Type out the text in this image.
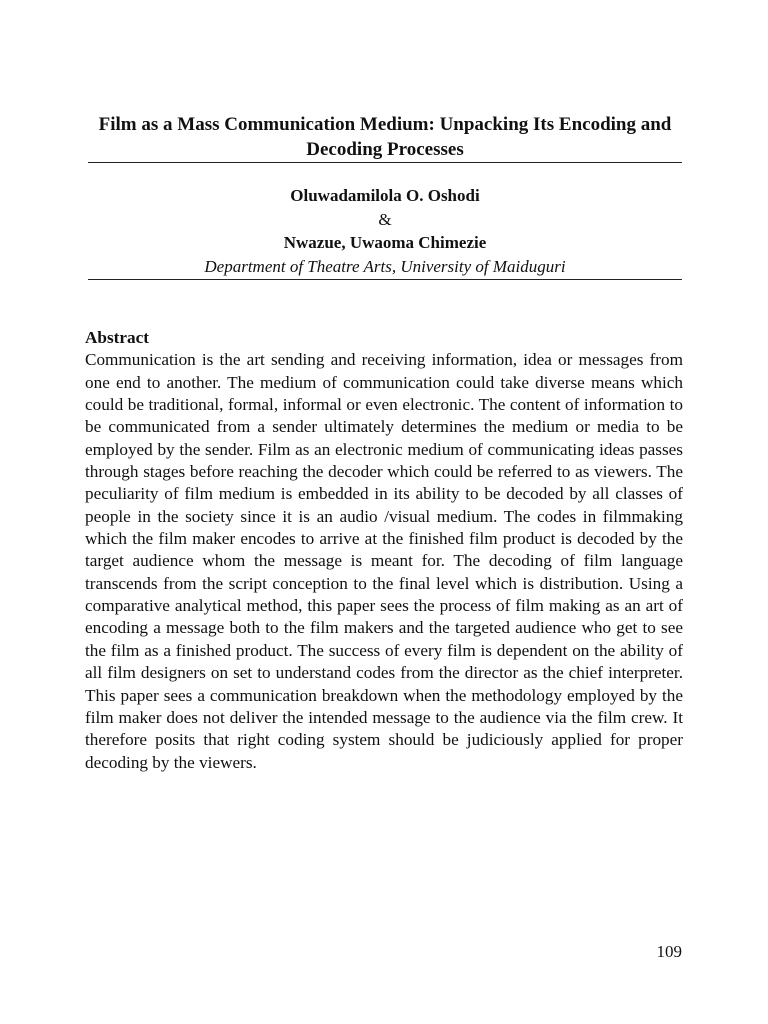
Film as a Mass Communication Medium: Unpacking Its Encoding and Decoding Processes
Oluwadamilola O. Oshodi
&
Nwazue, Uwaoma Chimezie
Department of Theatre Arts, University of Maiduguri

Abstract

Communication is the art sending and receiving information, idea or messages from one end to another. The medium of communication could take diverse means which could be traditional, formal, informal or even electronic. The content of information to be communicated from a sender ultimately determines the medium or media to be employed by the sender. Film as an electronic medium of communicating ideas passes through stages before reaching the decoder which could be referred to as viewers. The peculiarity of film medium is embedded in its ability to be decoded by all classes of people in the society since it is an audio /visual medium. The codes in filmmaking which the film maker encodes to arrive at the finished film product is decoded by the target audience whom the message is meant for. The decoding of film language transcends from the script conception to the final level which is distribution. Using a comparative analytical method, this paper sees the process of film making as an art of encoding a message both to the film makers and the targeted audience who get to see the film as a finished product. The success of every film is dependent on the ability of all film designers on set to understand codes from the director as the chief interpreter. This paper sees a communication breakdown when the methodology employed by the film maker does not deliver the intended message to the audience via the film crew. It therefore posits that right coding system should be judiciously applied for proper decoding by the viewers.

109
